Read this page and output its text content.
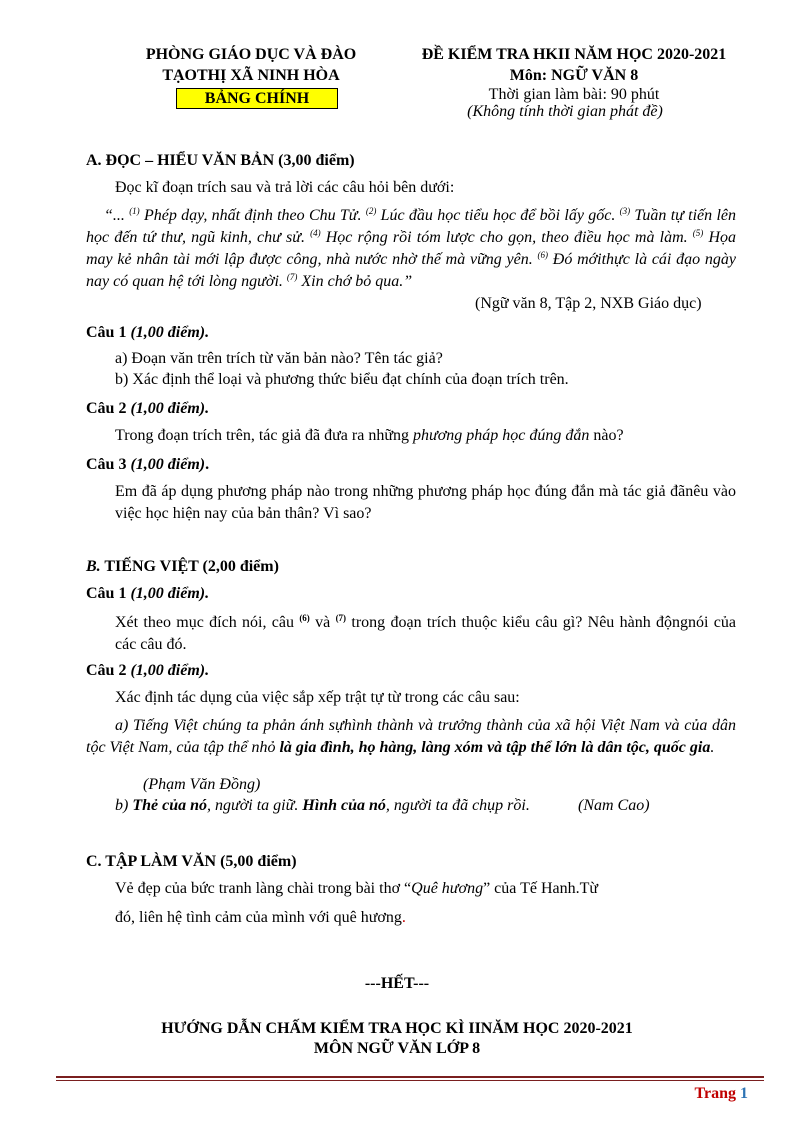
PHÒNG GIÁO DỤC VÀ ĐÀO
TẠOTHỊ XÃ NINH HÒA
BẢNG CHÍNH
ĐỀ KIỂM TRA HKII NĂM HỌC 2020-2021
Môn: NGỮ VĂN 8
Thời gian làm bài: 90 phút
(Không tính thời gian phát đề)
A. ĐỌC – HIỂU VĂN BẢN (3,00 điểm)
Đọc kĩ đoạn trích sau và trả lời các câu hỏi bên dưới:
“... $^{(1)}$ Phép dạy, nhất định theo Chu Tử. $^{(2)}$ Lúc đầu học tiểu học để bồi lấy gốc. $^{(3)}$ Tuần tự tiến lên học đến tứ thư, ngũ kinh, chư sử. $^{(4)}$ Học rộng rồi tóm lược cho gọn, theo điều học mà làm. $^{(5)}$ Họa may kẻ nhân tài mới lập được công, nhà nước nhờ thế mà vững yên. $^{(6)}$ Đó mớithực là cái đạo ngày nay có quan hệ tới lòng người. $^{(7)}$ Xin chớ bỏ qua.”
(Ngữ văn 8, Tập 2, NXB Giáo dục)
Câu 1 (1,00 điểm).
a) Đoạn văn trên trích từ văn bản nào? Tên tác giả?
b) Xác định thể loại và phương thức biểu đạt chính của đoạn trích trên.
Câu 2 (1,00 điểm).
Trong đoạn trích trên, tác giả đã đưa ra những phương pháp học đúng đắn nào?
Câu 3 (1,00 điểm).
Em đã áp dụng phương pháp nào trong những phương pháp học đúng đắn mà tác giả đãnêu vào việc học hiện nay của bản thân? Vì sao?
B. TIẾNG VIỆT (2,00 điểm)
Câu 1 (1,00 điểm).
Xét theo mục đích nói, câu $^{(6)}$ và $^{(7)}$ trong đoạn trích thuộc kiểu câu gì? Nêu hành độngnói của các câu đó.
Câu 2 (1,00 điểm).
Xác định tác dụng của việc sắp xếp trật tự từ trong các câu sau:
a) Tiếng Việt chúng ta phản ánh sựhình thành và trưởng thành của xã hội Việt Nam và của dân tộc Việt Nam, của tập thể nhỏ là gia đình, họ hàng, làng xóm và tập thể lớn là dân tộc, quốc gia.
(Phạm Văn Đồng)
b) Thẻ của nó, người ta giữ. Hình của nó, người ta đã chụp rồi.	(Nam Cao)
C. TẬP LÀM VĂN (5,00 điểm)
Vẻ đẹp của bức tranh làng chài trong bài thơ “Quê hương” của Tế Hanh.Từ
đó, liên hệ tình cảm của mình với quê hương.
---HẾT---
HƯỚNG DẪN CHẤM KIỂM TRA HỌC KÌ IINĂM HỌC 2020-2021
MÔN NGỮ VĂN LỚP 8
Trang 1
